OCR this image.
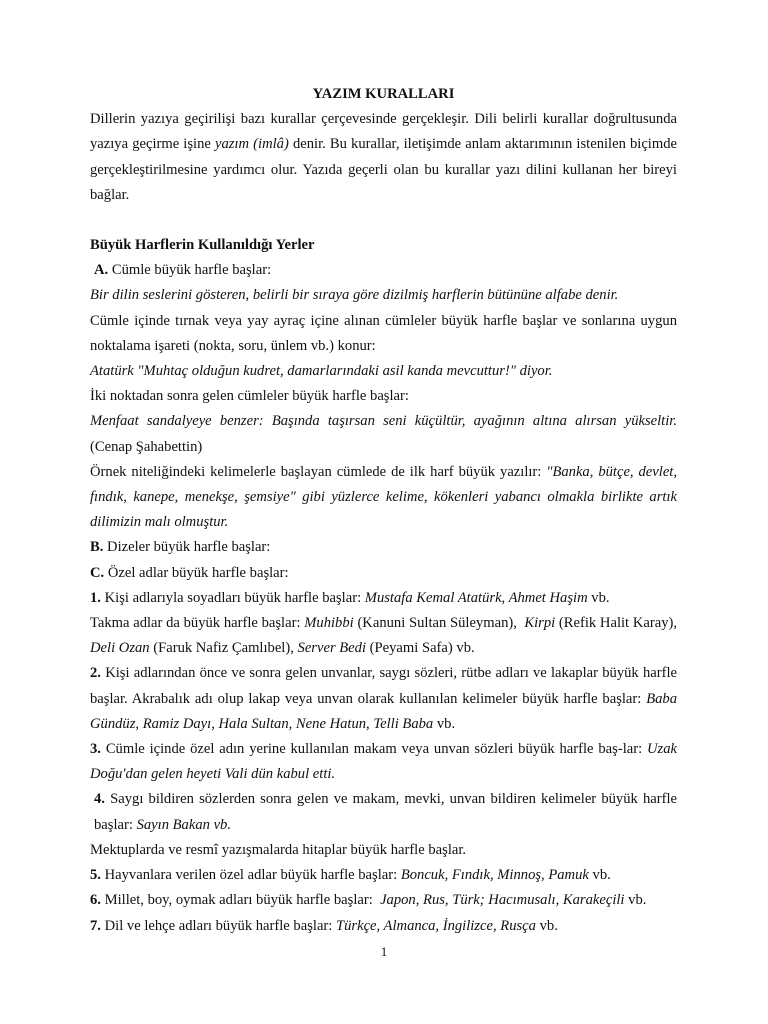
YAZIM KURALLARI

Dillerin yazıya geçirilişi bazı kurallar çerçevesinde gerçekleşir. Dili belirli kurallar doğrultusunda yazıya geçirme işine yazım (imlâ) denir. Bu kurallar, iletişimde anlam aktarımının istenilen biçimde gerçekleştirilmesine yardımcı olur. Yazıda geçerli olan bu kurallar yazı dilini kullanan her bireyi bağlar.

Büyük Harflerin Kullanıldığı Yerler

A. Cümle büyük harfle başlar:

Bir dilin seslerini gösteren, belirli bir sıraya göre dizilmiş harflerin bütününe alfabe denir.

Cümle içinde tırnak veya yay ayraç içine alınan cümleler büyük harfle başlar ve sonlarına uygun noktalama işareti (nokta, soru, ünlem vb.) konur:

Atatürk "Muhtaç olduğun kudret, damarlarındaki asil kanda mevcuttur!" diyor.

İki noktadan sonra gelen cümleler büyük harfle başlar:

Menfaat sandalyeye benzer: Başında taşırsan seni küçültür, ayağının altına alırsan yükseltir. (Cenap Şahabettin)

Örnek niteliğindeki kelimelerle başlayan cümlede de ilk harf büyük yazılır: "Banka, bütçe, devlet, fındık, kanepe, menekşe, şemsiye" gibi yüzlerce kelime, kökenleri yabancı olmakla birlikte artık dilimizin malı olmuştur.

B. Dizeler büyük harfle başlar:

C. Özel adlar büyük harfle başlar:

1. Kişi adlarıyla soyadları büyük harfle başlar: Mustafa Kemal Atatürk, Ahmet Haşim vb.

Takma adlar da büyük harfle başlar: Muhibbi (Kanuni Sultan Süleyman), Kirpi (Refik Halit Karay), Deli Ozan (Faruk Nafiz Çamlıbel), Server Bedi (Peyami Safa) vb.

2. Kişi adlarından önce ve sonra gelen unvanlar, saygı sözleri, rütbe adları ve lakaplar büyük harfle başlar. Akrabalık adı olup lakap veya unvan olarak kullanılan kelimeler büyük harfle başlar: Baba Gündüz, Ramiz Dayı, Hala Sultan, Nene Hatun, Telli Baba vb.

3. Cümle içinde özel adın yerine kullanılan makam veya unvan sözleri büyük harfle baş-lar: Uzak Doğu'dan gelen heyeti Vali dün kabul etti.

4. Saygı bildiren sözlerden sonra gelen ve makam, mevki, unvan bildiren kelimeler büyük harfle başlar: Sayın Bakan vb.

Mektuplarda ve resmî yazışmalarda hitaplar büyük harfle başlar.

5. Hayvanlara verilen özel adlar büyük harfle başlar: Boncuk, Fındık, Minnoş, Pamuk vb.

6. Millet, boy, oymak adları büyük harfle başlar: Japon, Rus, Türk; Hacımusalı, Karakeçili vb.

7. Dil ve lehçe adları büyük harfle başlar: Türkçe, Almanca, İngilizce, Rusça vb.

1
